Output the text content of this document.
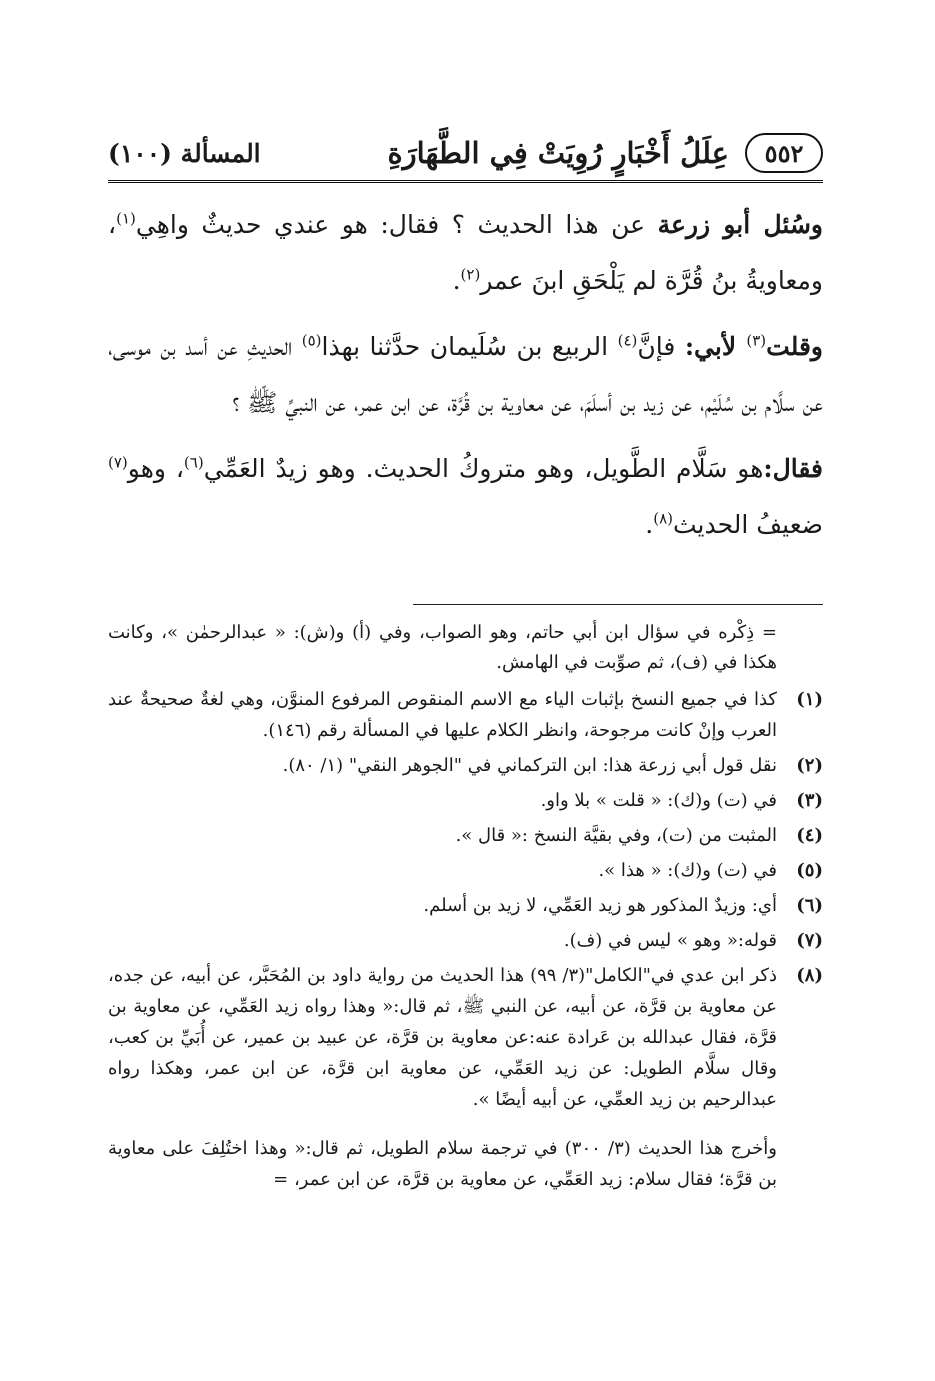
٥٥٢
عِلَلُ أَخْبَارٍ رُوِيَتْ فِي الطَّهَارَةِ
المسألة (١٠٠)

وسُئل أبو زرعة عن هذا الحديث ؟ فقال: هو عندي حديثٌ واهِي$^{(١)}$، ومعاويةُ بنُ قُرَّة لم يَلْحَقِ ابنَ عمر$^{(٢)}$.

وقلت$^{(٣)}$ لأبي: فإنَّ$^{(٤)}$ الربيع بن سُلَيمان حدَّثنا بهذا$^{(٥)}$ الحديثِ عن أسد بن موسى، عن سلَّام بن سُلَيْم، عن زيد بن أسلَمَ، عن معاوية بن قُرَّة، عن ابن عمر، عن النبيِّ ﷺ ؟

فقال:هو سَلَّام الطَّويل، وهو متروكُ الحديث. وهو زيدٌ العَمِّي$^{(٦)}$، وهو$^{(٧)}$ ضعيفُ الحديث$^{(٨)}$.

= ذِكْره في سؤال ابن أبي حاتم، وهو الصواب، وفي (أ) و(ش): « عبدالرحمٰن »، وكانت هكذا في (ف)، ثم صوِّبت في الهامش.

(١)
كذا في جميع النسخ بإثبات الياء مع الاسم المنقوص المرفوع المنوَّن، وهي لغةٌ صحيحةٌ عند العرب وإنْ كانت مرجوحة، وانظر الكلام عليها في المسألة رقم (١٤٦).
(٢)
نقل قول أبي زرعة هذا: ابن التركماني في "الجوهر النقي" (١/ ٨٠).
(٣)
في (ت) و(ك): « قلت » بلا واو.
(٤)
المثبت من (ت)، وفي بقيَّة النسخ :« قال ».
(٥)
في (ت) و(ك): « هذا ».
(٦)
أي: وزيدٌ المذكور هو زيد العَمِّي، لا زيد بن أسلم.
(٧)
قوله:« وهو » ليس في (ف).
(٨)
ذكر ابن عدي في"الكامل"(٣/ ٩٩) هذا الحديث من رواية داود بن المُحَبَّر، عن أبيه، عن جده، عن معاوية بن قرَّة، عن أبيه، عن النبي ﷺ، ثم قال:« وهذا رواه زيد العَمِّي، عن معاوية بن قرَّة، فقال عبدالله بن عَرادة عنه:عن معاوية بن قرَّة، عن عبيد بن عمير، عن أُبَيِّ بن كعب، وقال سلَّام الطويل: عن زيد العَمِّي، عن معاوية ابن قرَّة، عن ابن عمر، وهكذا رواه عبدالرحيم بن زيد العمِّي، عن أبيه أيضًا ».

وأخرج هذا الحديث (٣/ ٣٠٠) في ترجمة سلام الطويل، ثم قال:« وهذا اختُلِفَ على معاوية بن قرَّة؛ فقال سلام: زيد العَمِّي، عن معاوية بن قرَّة، عن ابن عمر، =
